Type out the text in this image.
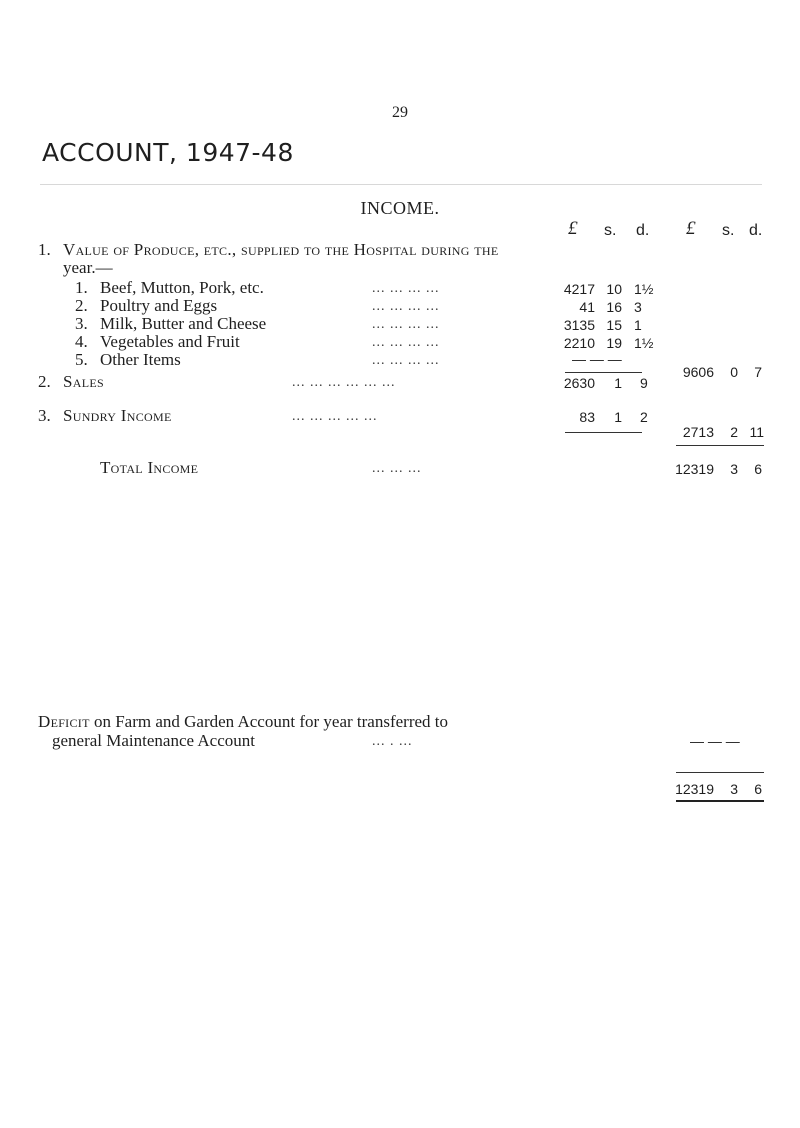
29
ACCOUNT, 1947-48
INCOME.
£ s. d. £ s. d.
1. Value of Produce, etc., supplied to the Hospital during the
year.—
1. Beef, Mutton, Pork, etc.	... ... ... ...	4217 10 1½
2. Poultry and Eggs	... ... ... ...	41 16 3
3. Milk, Butter and Cheese	... ... ... ...	3135 15 1
4. Vegetables and Fruit	... ... ... ...	2210 19 1½
5. Other Items	... ... ... ...	— — —
9606	0	7
2. Sales	... ... ... ... ... ...	2630	1 9
3. Sundry Income	... ... ... ... ...	83	1 2
2713	2 11
Total Income	... ... ...	12319	3	6
Deficit on Farm and Garden Account for year transferred to
general Maintenance Account	... . ...	— — —
12319	3	6
